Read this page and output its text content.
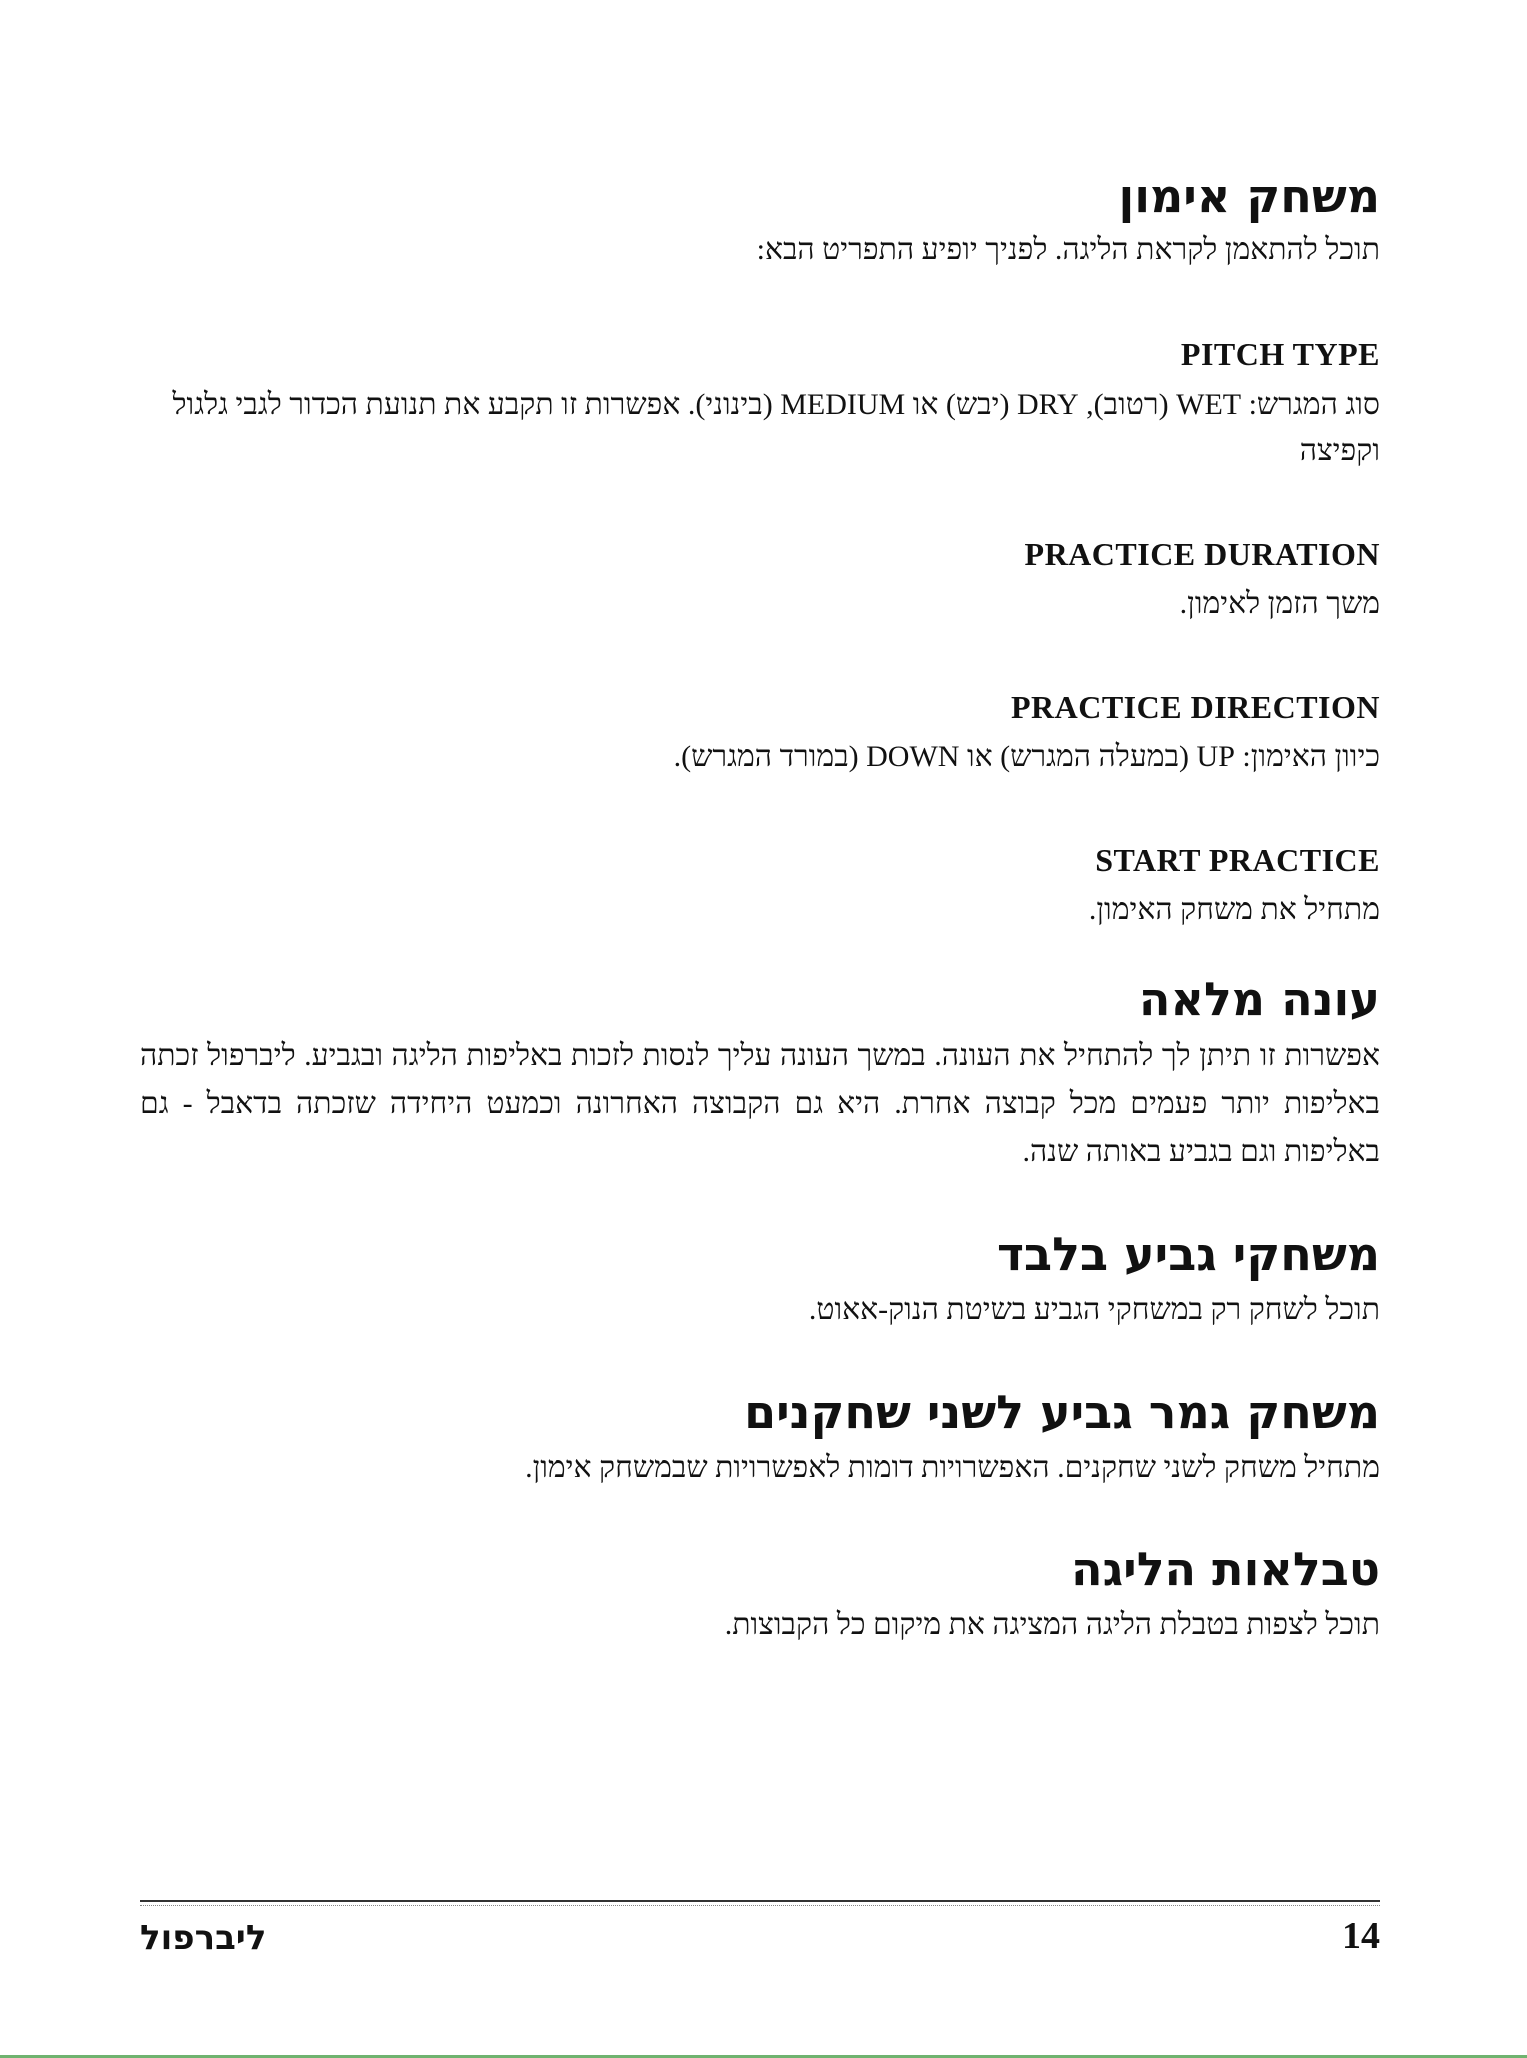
משחק אימון

תוכל להתאמן לקראת הליגה. לפניך יופיע התפריט הבא:

PITCH TYPE

סוג המגרש: WET (רטוב), DRY (יבש) או MEDIUM (בינוני). אפשרות זו תקבע את תנועת הכדור לגבי גלגול וקפיצה

PRACTICE DURATION

משך הזמן לאימון.

PRACTICE DIRECTION

כיוון האימון: UP (במעלה המגרש) או DOWN (במורד המגרש).

START PRACTICE

מתחיל את משחק האימון.

עונה מלאה

אפשרות זו תיתן לך להתחיל את העונה. במשך העונה עליך לנסות לזכות באליפות הליגה ובגביע. ליברפול זכתה באליפות יותר פעמים מכל קבוצה אחרת. היא גם הקבוצה האחרונה וכמעט היחידה שזכתה בדאבל - גם באליפות וגם בגביע באותה שנה.

משחקי גביע בלבד

תוכל לשחק רק במשחקי הגביע בשיטת הנוק-אאוט.

משחק גמר גביע לשני שחקנים

מתחיל משחק לשני שחקנים. האפשרויות דומות לאפשרויות שבמשחק אימון.

טבלאות הליגה

תוכל לצפות בטבלת הליגה המציגה את מיקום כל הקבוצות.

ליברפול	14
